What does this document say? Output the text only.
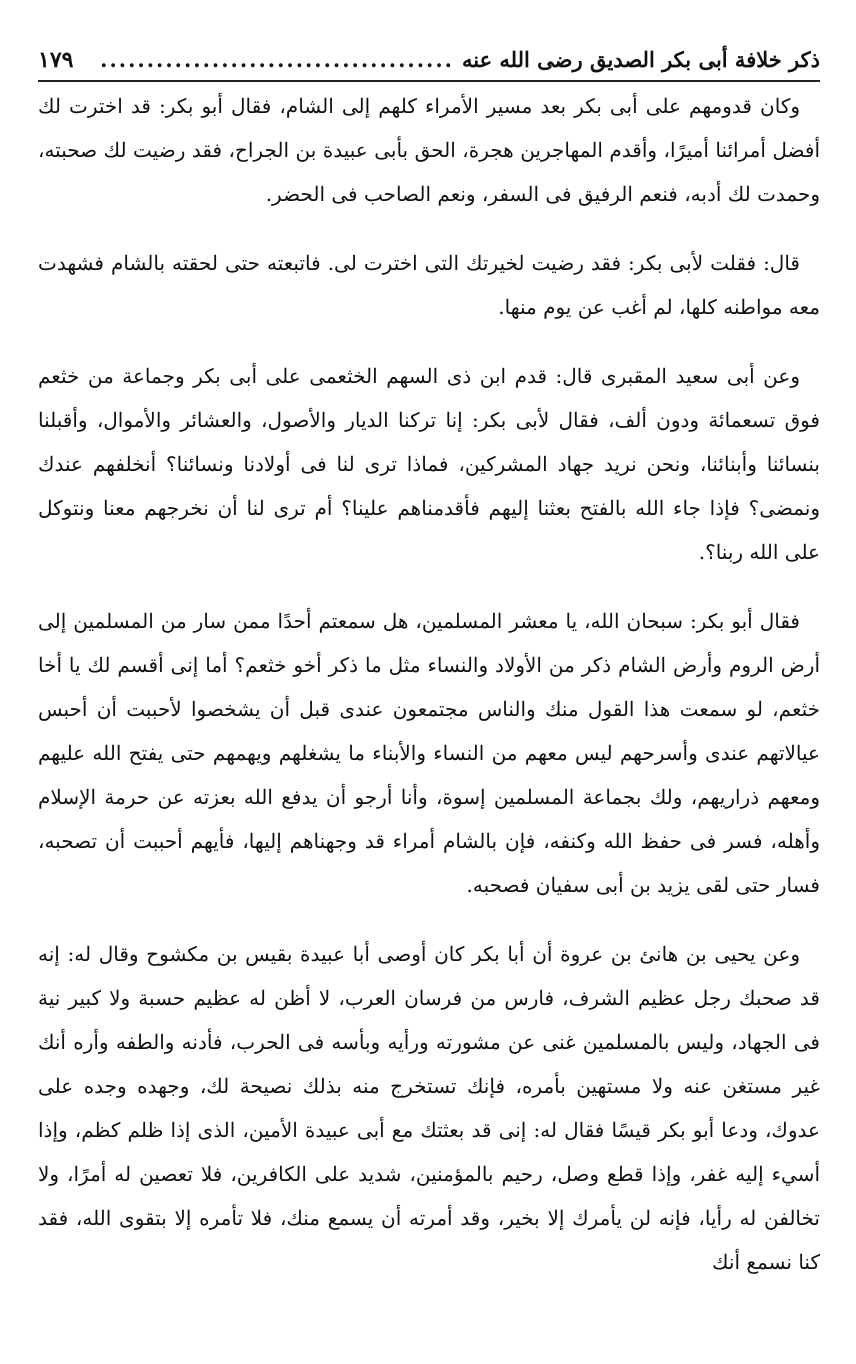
ذكر خلافة أبى بكر الصديق رضى الله عنه
......................................
١٧٩

وكان قدومهم على أبى بكر بعد مسير الأمراء كلهم إلى الشام، فقال أبو بكر: قد اخترت لك أفضل أمرائنا أميرًا، وأقدم المهاجرين هجرة، الحق بأبى عبيدة بن الجراح، فقد رضيت لك صحبته، وحمدت لك أدبه، فنعم الرفيق فى السفر، ونعم الصاحب فى الحضر.

قال: فقلت لأبى بكر: فقد رضيت لخيرتك التى اخترت لى. فاتبعته حتى لحقته بالشام فشهدت معه مواطنه كلها، لم أغب عن يوم منها.

وعن أبى سعيد المقبرى قال: قدم ابن ذى السهم الخثعمى على أبى بكر وجماعة من خثعم فوق تسعمائة ودون ألف، فقال لأبى بكر: إنا تركنا الديار والأصول، والعشائر والأموال، وأقبلنا بنسائنا وأبنائنا، ونحن نريد جهاد المشركين، فماذا ترى لنا فى أولادنا ونسائنا؟ أنخلفهم عندك ونمضى؟ فإذا جاء الله بالفتح بعثنا إليهم فأقدمناهم علينا؟ أم ترى لنا أن نخرجهم معنا ونتوكل على الله ربنا؟.

فقال أبو بكر: سبحان الله، يا معشر المسلمين، هل سمعتم أحدًا ممن سار من المسلمين إلى أرض الروم وأرض الشام ذكر من الأولاد والنساء مثل ما ذكر أخو خثعم؟ أما إنى أقسم لك يا أخا خثعم، لو سمعت هذا القول منك والناس مجتمعون عندى قبل أن يشخصوا لأحببت أن أحبس عيالاتهم عندى وأسرحهم ليس معهم من النساء والأبناء ما يشغلهم ويهمهم حتى يفتح الله عليهم ومعهم ذراريهم، ولك بجماعة المسلمين إسوة، وأنا أرجو أن يدفع الله بعزته عن حرمة الإسلام وأهله، فسر فى حفظ الله وكنفه، فإن بالشام أمراء قد وجهناهم إليها، فأيهم أحببت أن تصحبه، فسار حتى لقى يزيد بن أبى سفيان فصحبه.

وعن يحيى بن هانئ بن عروة أن أبا بكر كان أوصى أبا عبيدة بقيس بن مكشوح وقال له: إنه قد صحبك رجل عظيم الشرف، فارس من فرسان العرب، لا أظن له عظيم حسبة ولا كبير نية فى الجهاد، وليس بالمسلمين غنى عن مشورته ورأيه وبأسه فى الحرب، فأدنه والطفه وأره أنك غير مستغن عنه ولا مستهين بأمره، فإنك تستخرج منه بذلك نصيحة لك، وجهده وجده على عدوك، ودعا أبو بكر قيسًا فقال له: إنى قد بعثتك مع أبى عبيدة الأمين، الذى إذا ظلم كظم، وإذا أسيء إليه غفر، وإذا قطع وصل، رحيم بالمؤمنين، شديد على الكافرين، فلا تعصين له أمرًا، ولا تخالفن له رأيا، فإنه لن يأمرك إلا بخير، وقد أمرته أن يسمع منك، فلا تأمره إلا بتقوى الله، فقد كنا نسمع أنك
